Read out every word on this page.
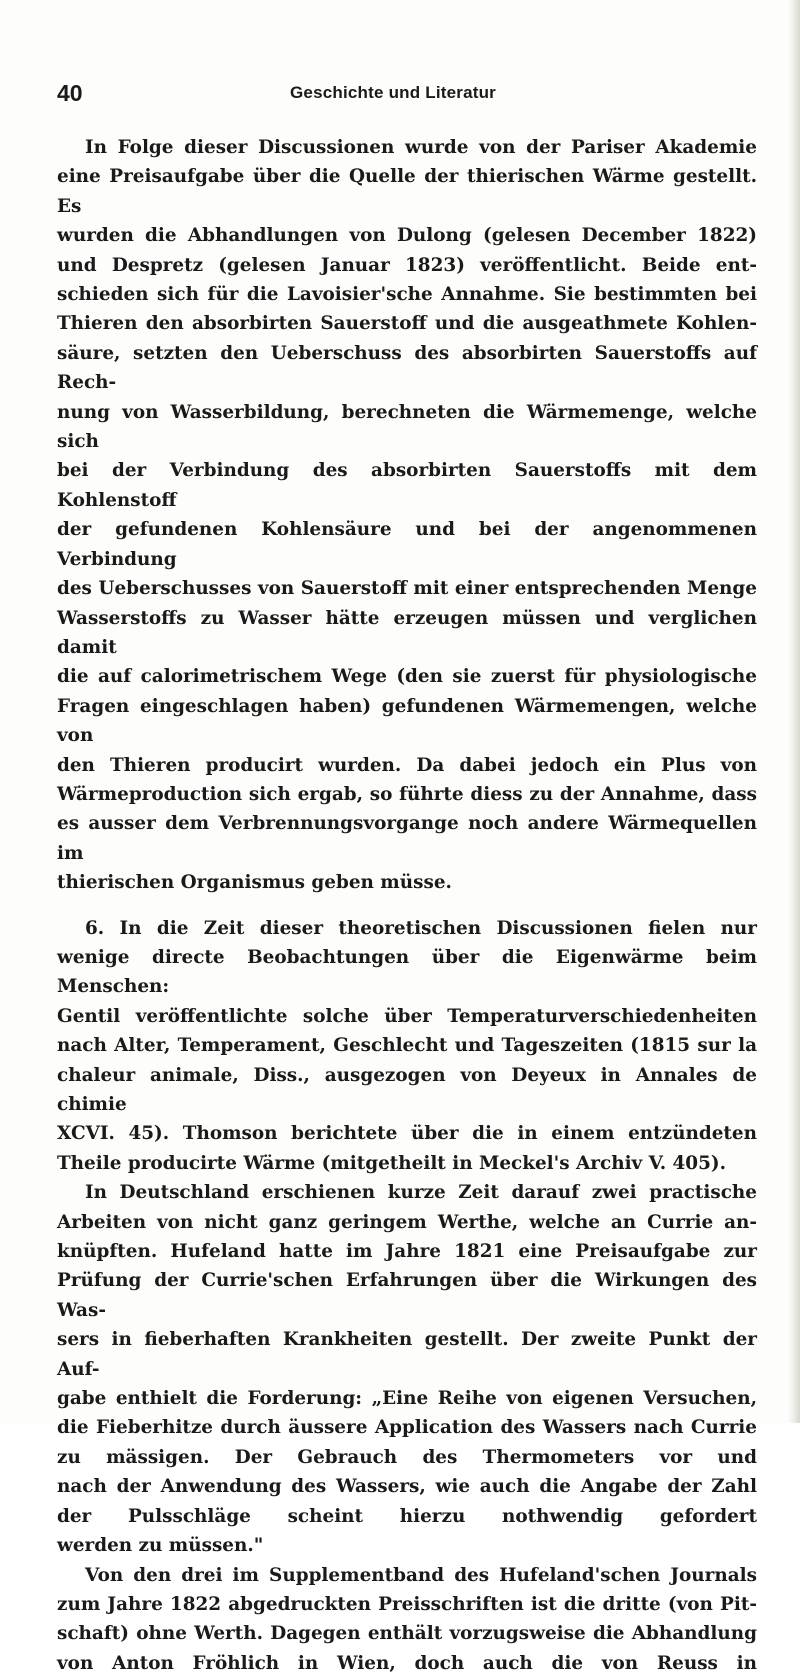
40	Geschichte und Literatur
In Folge dieser Discussionen wurde von der Pariser Akademie
eine Preisaufgabe über die Quelle der thierischen Wärme gestellt. Es
wurden die Abhandlungen von Dulong (gelesen December 1822)
und Despretz (gelesen Januar 1823) veröffentlicht. Beide ent-
schieden sich für die Lavoisier'sche Annahme. Sie bestimmten bei
Thieren den absorbirten Sauerstoff und die ausgeathmete Kohlen-
säure, setzten den Ueberschuss des absorbirten Sauerstoffs auf Rech-
nung von Wasserbildung, berechneten die Wärmemenge, welche sich
bei der Verbindung des absorbirten Sauerstoffs mit dem Kohlenstoff
der gefundenen Kohlensäure und bei der angenommenen Verbindung
des Ueberschusses von Sauerstoff mit einer entsprechenden Menge
Wasserstoffs zu Wasser hätte erzeugen müssen und verglichen damit
die auf calorimetrischem Wege (den sie zuerst für physiologische
Fragen eingeschlagen haben) gefundenen Wärmemengen, welche von
den Thieren producirt wurden. Da dabei jedoch ein Plus von
Wärmeproduction sich ergab, so führte diess zu der Annahme, dass
es ausser dem Verbrennungsvorgange noch andere Wärmequellen im
thierischen Organismus geben müsse.
6. In die Zeit dieser theoretischen Discussionen fielen nur
wenige directe Beobachtungen über die Eigenwärme beim Menschen:
Gentil veröffentlichte solche über Temperaturverschiedenheiten
nach Alter, Temperament, Geschlecht und Tageszeiten (1815 sur la
chaleur animale, Diss., ausgezogen von Deyeux in Annales de chimie
XCVI. 45). Thomson berichtete über die in einem entzündeten
Theile producirte Wärme (mitgetheilt in Meckel's Archiv V. 405).
In Deutschland erschienen kurze Zeit darauf zwei practische
Arbeiten von nicht ganz geringem Werthe, welche an Currie an-
knüpften. Hufeland hatte im Jahre 1821 eine Preisaufgabe zur
Prüfung der Currie'schen Erfahrungen über die Wirkungen des Was-
sers in fieberhaften Krankheiten gestellt. Der zweite Punkt der Auf-
gabe enthielt die Forderung: „Eine Reihe von eigenen Versuchen,
die Fieberhitze durch äussere Application des Wassers nach Currie
zu mässigen. Der Gebrauch des Thermometers vor und
nach der Anwendung des Wassers, wie auch die Angabe der Zahl
der Pulsschläge scheint hierzu nothwendig gefordert
werden zu müssen."
Von den drei im Supplementband des Hufeland'schen Journals
zum Jahre 1822 abgedruckten Preisschriften ist die dritte (von Pit-
schaft) ohne Werth. Dagegen enthält vorzugsweise die Abhandlung
von Anton Fröhlich in Wien, doch auch die von Reuss in
